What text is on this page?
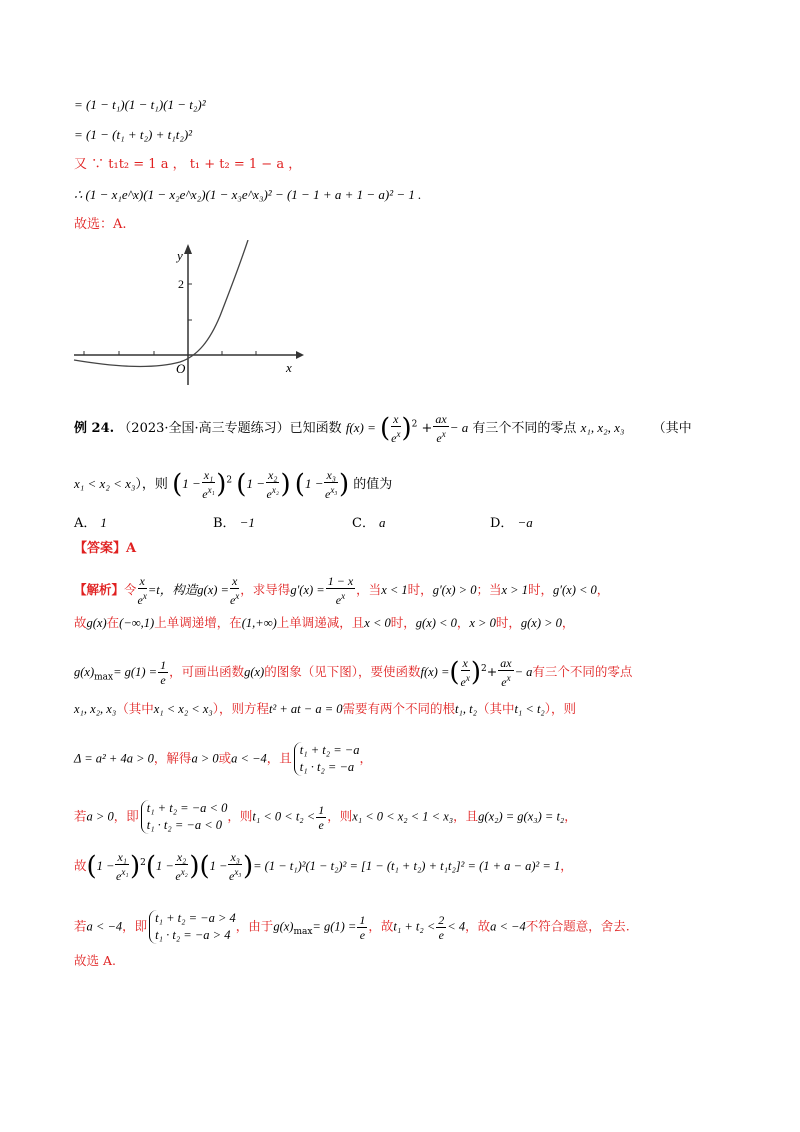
= (1 − t₁)(1 − t₁)(1 − t₂)²
= (1 − (t₁ + t₂) + t₁t₂)²
又 ∵ t₁t₂ = 1 a ， t₁ + t₂ = 1 − a ，
∴ (1 − x₁e^x)(1 − x₂e^x₂)(1 − x₃e^x₃)² − (1 − 1 + a + 1 − a)² − 1 .
故选：A.
y
x
O
2
例 24. （2023·全国·高三专题练习）已知函数 f(x) = ( $\frac{x}{e^x} )^2 + \frac{ax}{e^x} - a$ 有三个不同的零点 x₁, x₂, x₃ （其中
x₁ < x₂ < x₃），则 $(1 - \frac{\text{x₁}}{e^{x_1}} )^2$ ($1 - \frac{\text{x₂}}{e^{x_2}}$ ) ($1 - \frac{\text{x₃}}{e^{x_3}}$ ) 的值为
A． 1	B． −1	C． a	D． −a
【答案】A
【解析】令 $\frac{x}{e^x} =t$，构造$g(x) = \frac{x}{e^x}$ ，求导得$g'(x) = \frac{1 - x}{e^x}$ ，当x < 1时，g′(x) > 0；当x > 1时，g′(x) < 0，
故g(x)在(−∞,1)上单调递增，在(1,+∞)上单调递减，且x < 0时，g(x) < 0，x > 0时，g(x) > 0，
$g(x)_{max}= g(1) = \frac{1}{e}$ ，可画出函数g(x)的图象（见下图），要使函数f(x) =( $\frac{x}{e^x} )^2+ \frac{ax}{e^x} - a$有三个不同的零点
x₁, x₂, x₃（其中x₁ < x₂ < x₃），则方程t² + at − a = 0需要有两个不同的根t₁, t₂（其中t₁ < t₂），则
Δ = a² + 4a > 0，解得a > 0或a < −4，且
t₁ + t₂ = −a
t₁ · t₂ = −a
，
若a > 0，即
t₁ + t₂ = −a < 0
t₁ · t₂ = −a < 0
，则$t_1 < 0 < t_2 < \frac{1}{e}$ ，则x₁ < 0 < x₂ < 1 < x₃，且g(x₂) = g(x₃) = t₂，
故$(1 - \frac{\text{x₁}}{e^{x_1}} )^2(1 - \frac{\text{x₂}}{e^{x_2}} )(1 - \frac{\text{x₃}}{e^{x_3}}$ )= (1 − t₁)²(1 − t₂)² = [1 − (t₁ + t₂) + t₁t₂]² = (1 + a − a)² = 1，
若a < −4，即
t₁ + t₂ = −a > 4
t₁ · t₂ = −a > 4
，由于$g(x)_{max}= g(1) = \frac{1}{e}$ ，故$t_1 + t_2 < \frac{2}{e} < 4$，故a < −4不符合题意，舍去.
故选 A.
